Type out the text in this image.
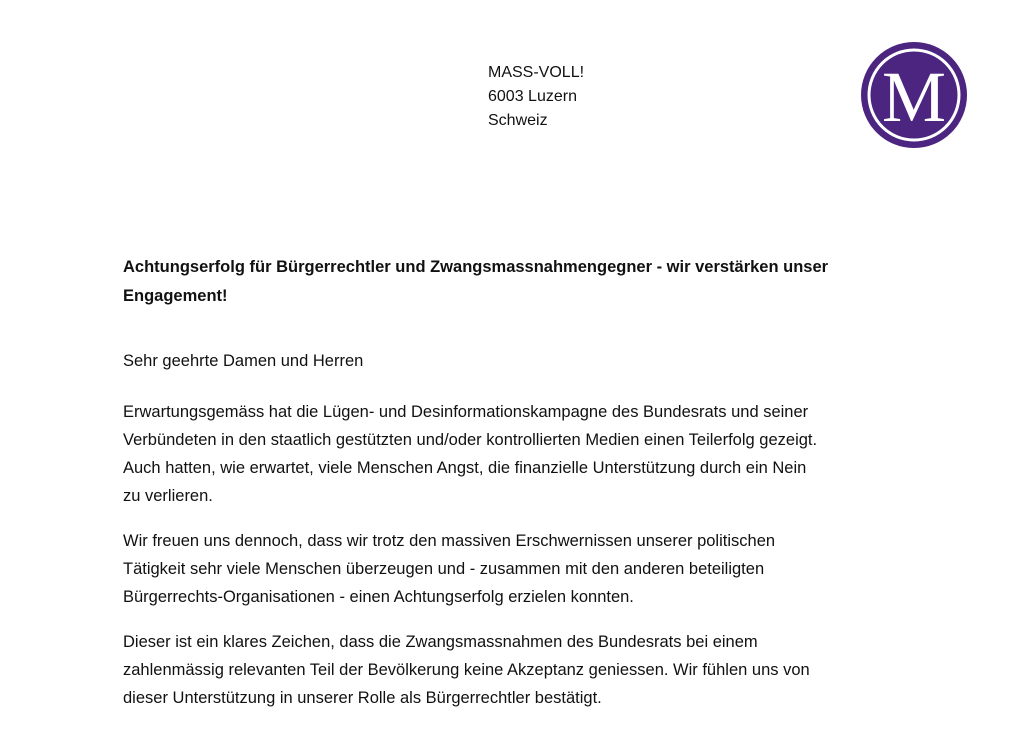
MASS-VOLL!
6003 Luzern
Schweiz	M
Achtungserfolg für Bürgerrechtler und Zwangsmassnahmengegner - wir verstärken unser
Engagement!

Sehr geehrte Damen und Herren

Erwartungsgemäss hat die Lügen- und Desinformationskampagne des Bundesrats und seiner
Verbündeten in den staatlich gestützten und/oder kontrollierten Medien einen Teilerfolg gezeigt.
Auch hatten, wie erwartet, viele Menschen Angst, die finanzielle Unterstützung durch ein Nein
zu verlieren.

Wir freuen uns dennoch, dass wir trotz den massiven Erschwernissen unserer politischen
Tätigkeit sehr viele Menschen überzeugen und - zusammen mit den anderen beteiligten
Bürgerrechts-Organisationen - einen Achtungserfolg erzielen konnten.

Dieser ist ein klares Zeichen, dass die Zwangsmassnahmen des Bundesrats bei einem
zahlenmässig relevanten Teil der Bevölkerung keine Akzeptanz geniessen. Wir fühlen uns von
dieser Unterstützung in unserer Rolle als Bürgerrechtler bestätigt.
